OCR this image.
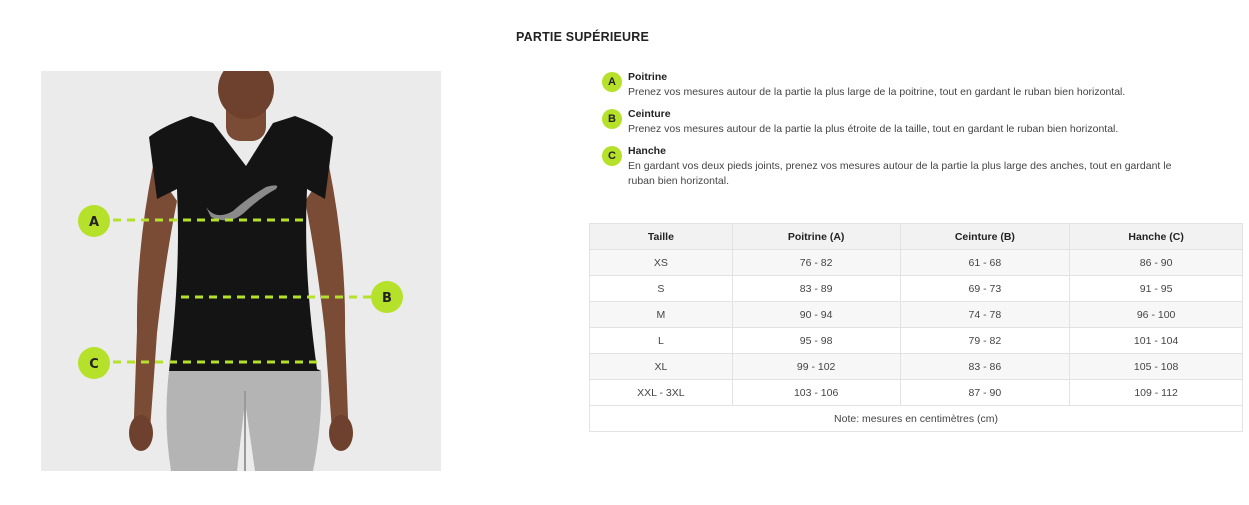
PARTIE SUPÉRIEURE
A
B
C
A	Poitrine
Prenez vos mesures autour de la partie la plus large de la poitrine, tout en gardant le ruban bien horizontal.
B	Ceinture
Prenez vos mesures autour de la partie la plus étroite de la taille, tout en gardant le ruban bien horizontal.
C	Hanche
En gardant vos deux pieds joints, prenez vos mesures autour de la partie la plus large des anches, tout en gardant le ruban bien horizontal.
Taille	Poitrine (A)	Ceinture (B)	Hanche (C)
XS	76 - 82	61 - 68	86 - 90
S	83 - 89	69 - 73	91 - 95
M	90 - 94	74 - 78	96 - 100
L	95 - 98	79 - 82	101 - 104
XL	99 - 102	83 - 86	105 - 108
XXL - 3XL	103 - 106	87 - 90	109 - 112
Note: mesures en centimètres (cm)			
